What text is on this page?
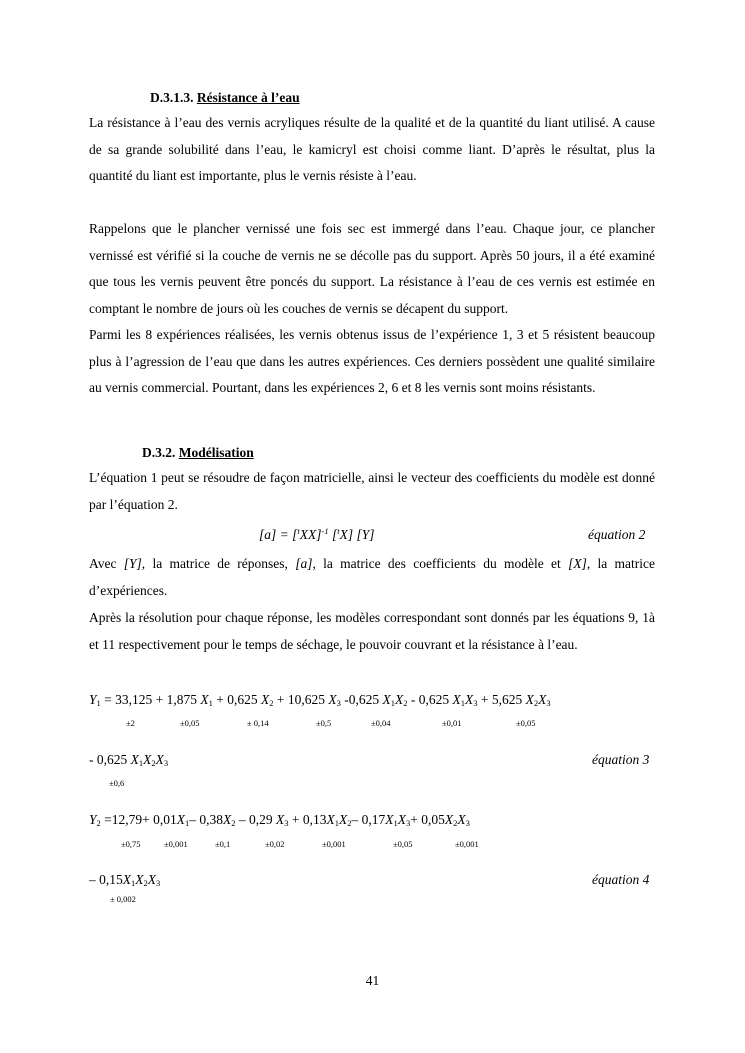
D.3.1.3. Résistance à l’eau

La résistance à l’eau des vernis acryliques résulte de la qualité et de la quantité du liant utilisé. A cause de sa grande solubilité dans l’eau, le kamicryl est choisi comme liant. D’après le résultat, plus la quantité du liant est importante, plus le vernis résiste à l’eau.

Rappelons que le plancher vernissé une fois sec est immergé dans l’eau. Chaque jour, ce plancher vernissé est vérifié si la couche de vernis ne se décolle pas du support. Après 50 jours, il a été examiné que tous les vernis peuvent être poncés du support. La résistance à l’eau de ces vernis est estimée en comptant le nombre de jours où les couches de vernis se décapent du support.

Parmi les 8 expériences réalisées, les vernis obtenus issus de l’expérience 1, 3 et 5 résistent beaucoup plus à l’agression de l’eau que dans les autres expériences. Ces derniers possèdent une qualité similaire au vernis commercial. Pourtant, dans les expériences 2, 6 et 8 les vernis sont moins résistants.

D.3.2. Modélisation

L’équation 1 peut se résoudre de façon matricielle, ainsi le vecteur des coefficients du modèle est donné par l’équation 2.

$[a] = [^tXX]^{-1}$ [$^t$X] [Y]	équation 2

Avec [Y], la matrice de réponses, [a], la matrice des coefficients du modèle et [X], la matrice d’expériences.

Après la résolution pour chaque réponse, les modèles correspondant sont donnés par les équations 9, 1à et 11 respectivement pour le temps de séchage, le pouvoir couvrant et la résistance à l’eau.

$Y_1 = 33,125 + 1,875$ $X_1 + 0,625$ $X_2 + 10,625$ $X_3$ -0,625 $X_1X_2 - 0,625$ $X_1X_3 + 5,625$ $X_2X_3$
±2	±0,05	± 0,14	±0,5	±0,04	±0,01	±0,05
- 0,625 $X_1X_2X_3$
±0,6
équation 3
$Y_2 =12,79+ 0,01X_1-$ $0,38X_2 - 0,29$ $X_3 + 0,13X_1X_2-$ $0,17X_1X_3+ 0,05X_2X_3$
±0,75	±0,001	±0,1	±0,02	±0,001	±0,05	±0,001
– $0,15X_1X_2X_3$
± 0,002
équation 4
41
